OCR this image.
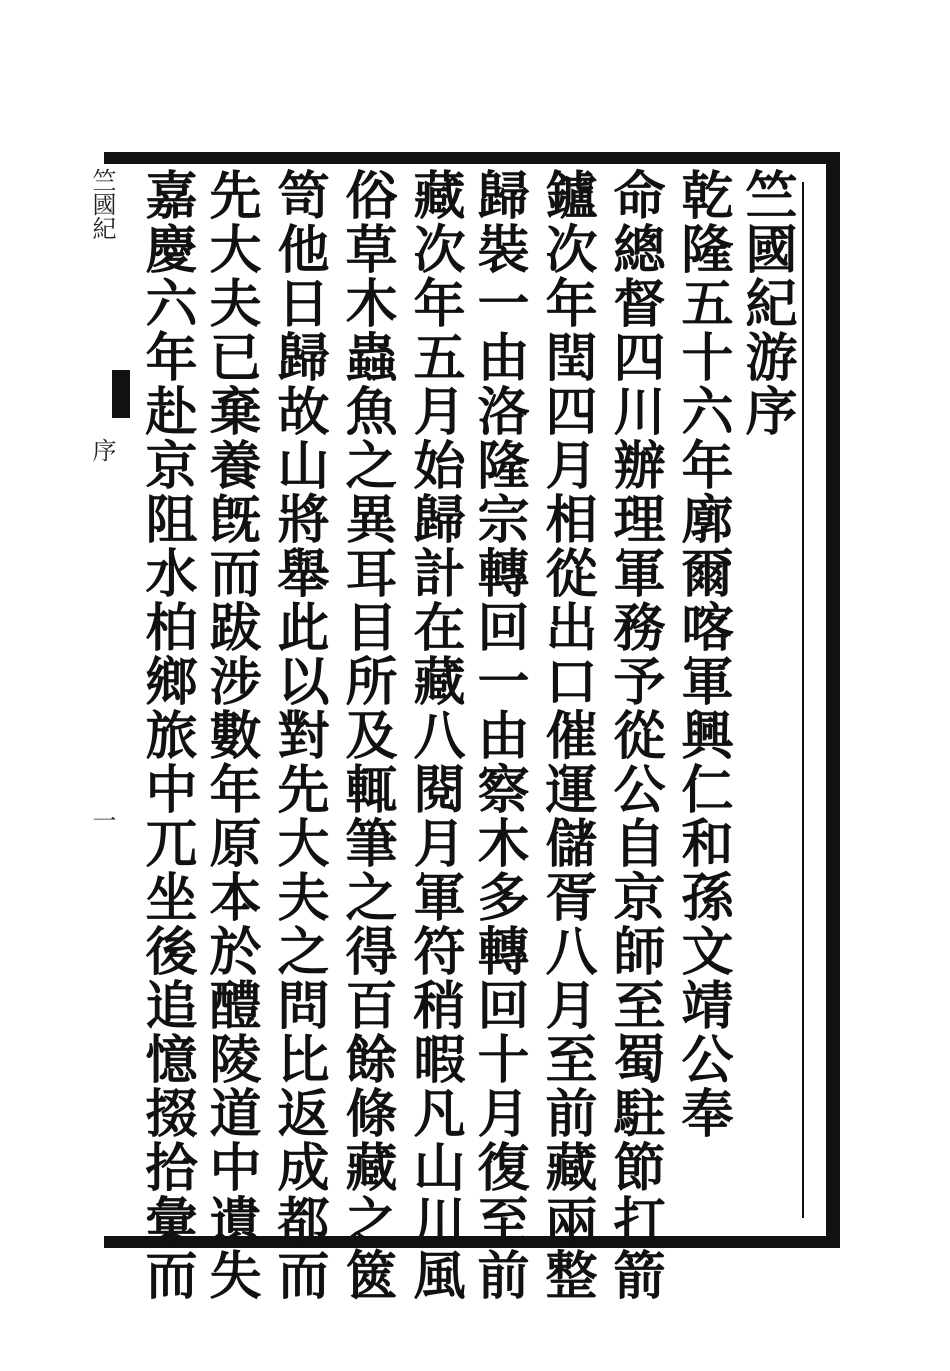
竺國紀游序
乾隆五十六年廓爾喀軍興仁和孫文靖公奉
命總督四川辦理軍務予從公自京師至蜀駐節打箭
鑪次年閏四月相從出口催運儲胥八月至前藏兩整
歸裝一由洛隆宗轉回一由察木多轉回十月復至前
藏次年五月始歸計在藏八閱月軍符稍暇凡山川風
俗草木蟲魚之異耳目所及輒筆之得百餘條藏之篋
笥他日歸故山將舉此以對先大夫之問比返成都而
先大夫已棄養旣而跋涉數年原本於醴陵道中遺失
嘉慶六年赴京阻水柏鄉旅中兀坐後追憶掇拾彙而
竺國紀
序
一
